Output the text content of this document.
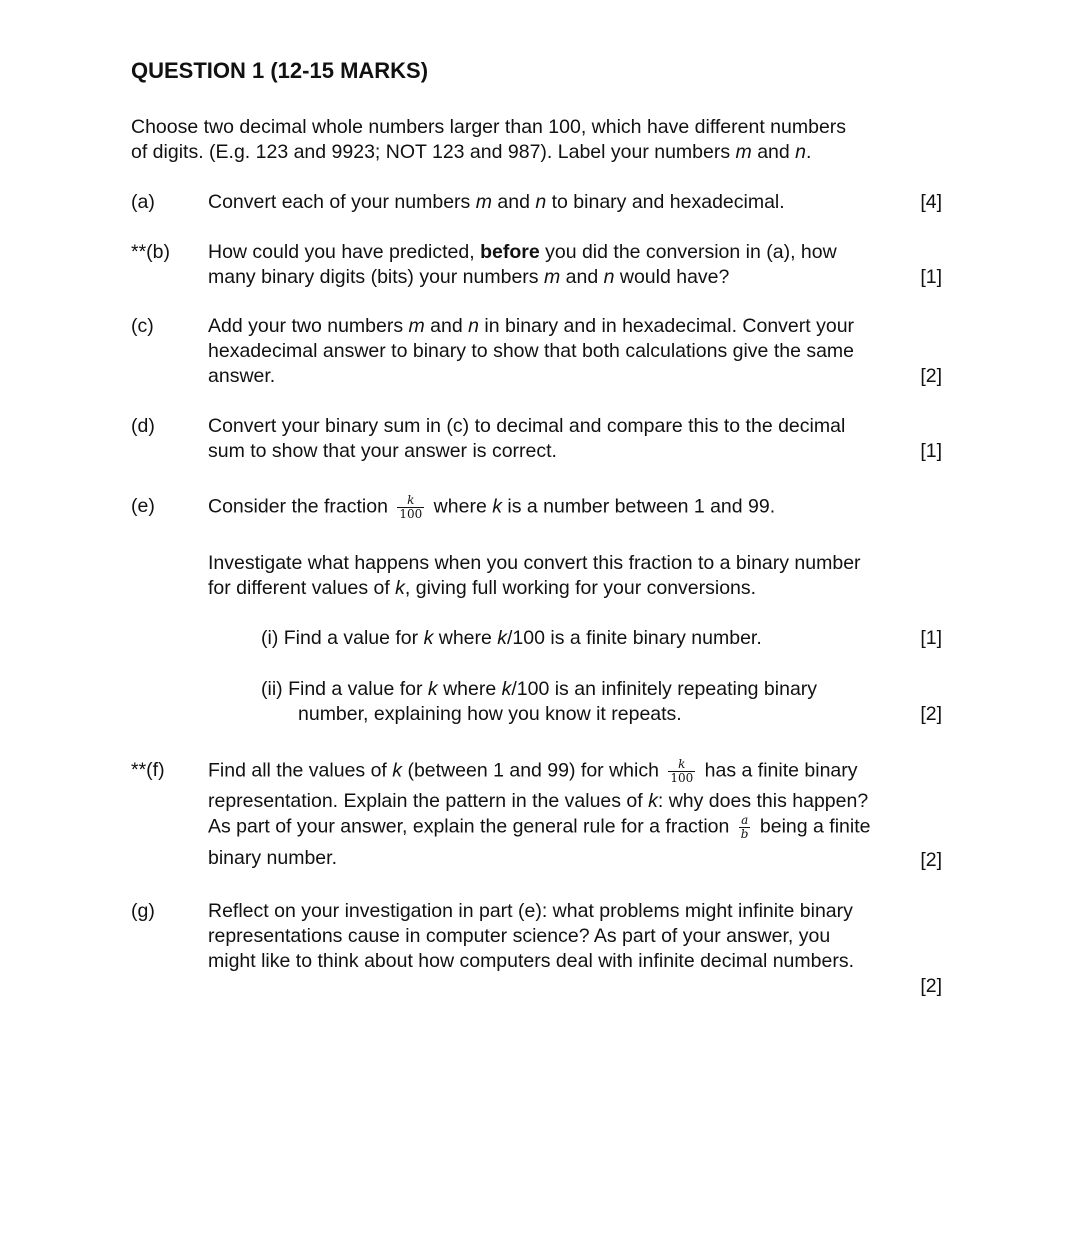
QUESTION 1 (12-15 MARKS)
Choose two decimal whole numbers larger than 100, which have different numbers
of digits. (E.g. 123 and 9923; NOT 123 and 987). Label your numbers m and n.
(a)	Convert each of your numbers m and n to binary and hexadecimal.	[4]
**(b) How could you have predicted, before you did the conversion in (a), how
many binary digits (bits) your numbers m and n would have?	[1]
(c)	Add your two numbers m and n in binary and in hexadecimal. Convert your
hexadecimal answer to binary to show that both calculations give the same
answer.	[2]
(d)	Convert your binary sum in (c) to decimal and compare this to the decimal
sum to show that your answer is correct.	[1]
(e)	Consider the fraction $\frac{k}{100}$ where k is a number between 1 and 99.
Investigate what happens when you convert this fraction to a binary number
for different values of k, giving full working for your conversions.
(i) Find a value for k where k/100 is a finite binary number.	[1]
(ii) Find a value for k where k/100 is an infinitely repeating binary
number, explaining how you know it repeats.	[2]
**(f) Find all the values of k (between 1 and 99) for which $\frac{k}{100}$ has a finite binary
representation. Explain the pattern in the values of k: why does this happen?
As part of your answer, explain the general rule for a fraction $\frac{a}{b}$ being a finite
binary number.	[2]
(g)	Reflect on your investigation in part (e): what problems might infinite binary
representations cause in computer science? As part of your answer, you
might like to think about how computers deal with infinite decimal numbers.
[2]
